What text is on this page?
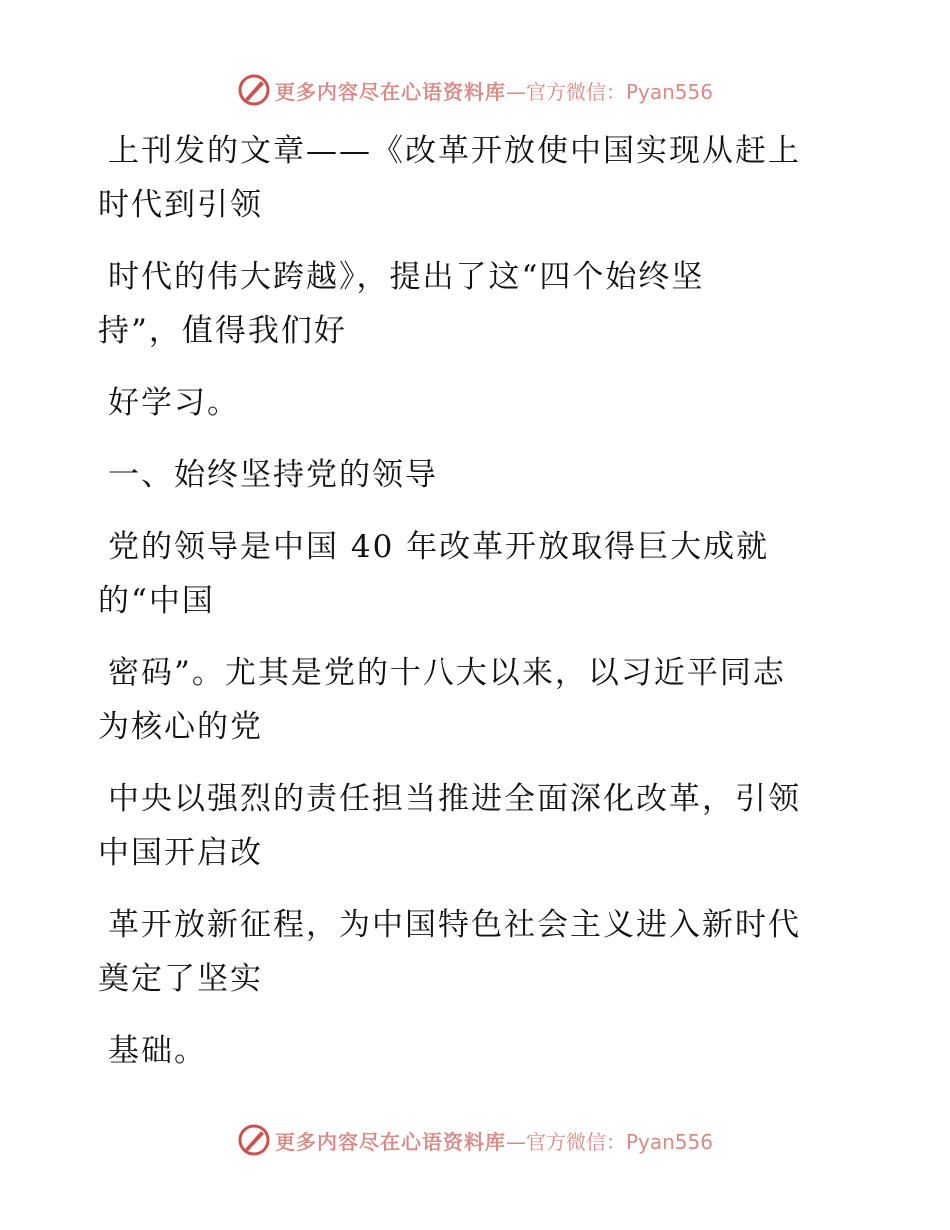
更多内容尽在心语资料库 —官方微信：Pyan556

上刊发的文章——《改革开放使中国实现从赶上
时代到引领

时代的伟大跨越》，提出了这“四个始终坚
持”，值得我们好

好学习。

一、始终坚持党的领导

党的领导是中国 40 年改革开放取得巨大成就
的“中国

密码”。尤其是党的十八大以来，以习近平同志
为核心的党

中央以强烈的责任担当推进全面深化改革，引领
中国开启改

革开放新征程，为中国特色社会主义进入新时代
奠定了坚实

基础。

更多内容尽在心语资料库 —官方微信：Pyan556
